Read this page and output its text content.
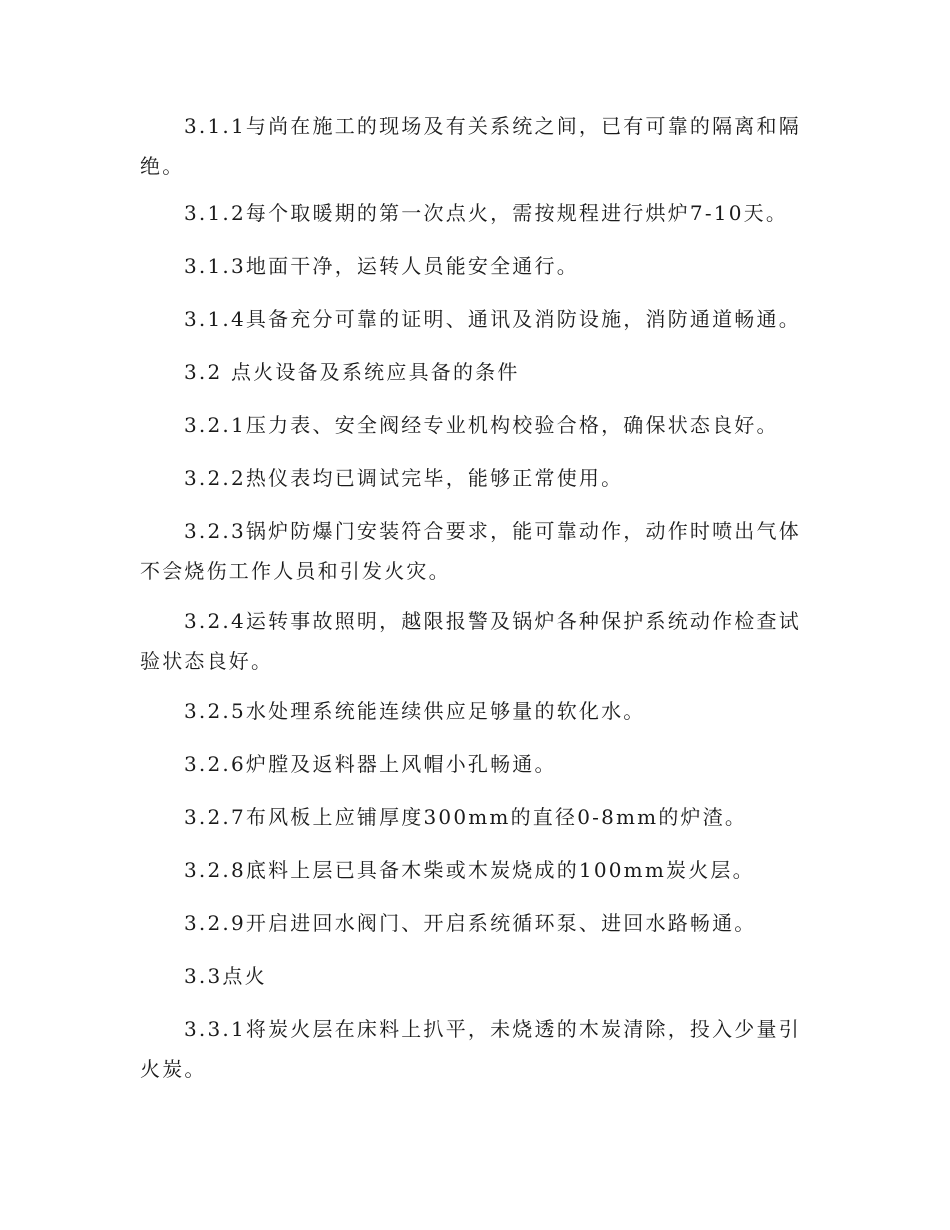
3.1.1与尚在施工的现场及有关系统之间，已有可靠的隔离和隔绝。

3.1.2每个取暖期的第一次点火，需按规程进行烘炉7-10天。

3.1.3地面干净，运转人员能安全通行。

3.1.4具备充分可靠的证明、通讯及消防设施，消防通道畅通。

3.2 点火设备及系统应具备的条件

3.2.1压力表、安全阀经专业机构校验合格，确保状态良好。

3.2.2热仪表均已调试完毕，能够正常使用。

3.2.3锅炉防爆门安装符合要求，能可靠动作，动作时喷出气体不会烧伤工作人员和引发火灾。

3.2.4运转事故照明，越限报警及锅炉各种保护系统动作检查试验状态良好。

3.2.5水处理系统能连续供应足够量的软化水。

3.2.6炉膛及返料器上风帽小孔畅通。

3.2.7布风板上应铺厚度300mm的直径0-8mm的炉渣。

3.2.8底料上层已具备木柴或木炭烧成的100mm炭火层。

3.2.9开启进回水阀门、开启系统循环泵、进回水路畅通。

3.3点火

3.3.1将炭火层在床料上扒平，未烧透的木炭清除，投入少量引火炭。
